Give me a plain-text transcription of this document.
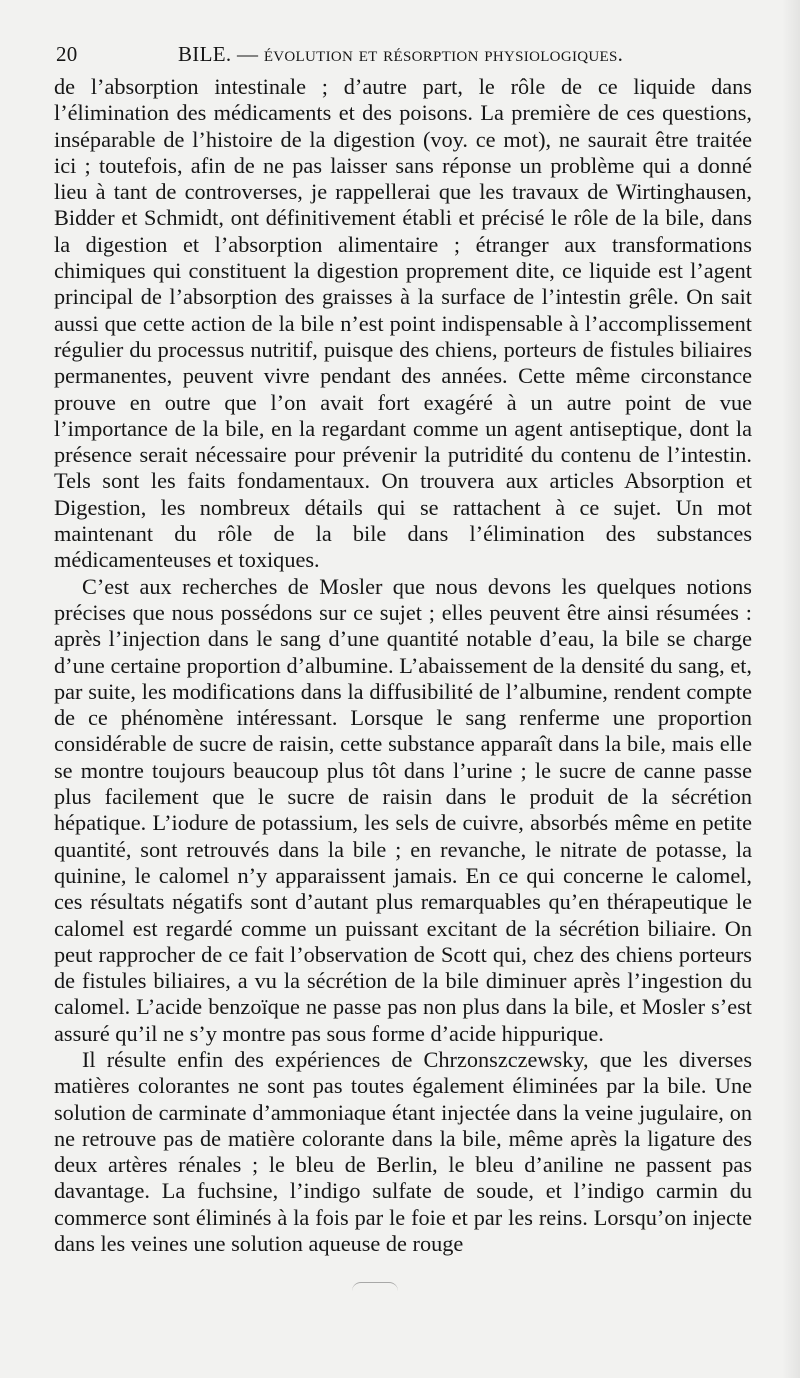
20	BILE. — évolution et résorption physiologiques.

de l’absorption intestinale ; d’autre part, le rôle de ce liquide dans l’élimination des médicaments et des poisons. La première de ces questions, inséparable de l’histoire de la digestion (voy. ce mot), ne saurait être traitée ici ; toutefois, afin de ne pas laisser sans réponse un problème qui a donné lieu à tant de controverses, je rappellerai que les travaux de Wirtinghausen, Bidder et Schmidt, ont définitivement établi et précisé le rôle de la bile, dans la digestion et l’absorption alimentaire ; étranger aux transformations chimiques qui constituent la digestion proprement dite, ce liquide est l’agent principal de l’absorption des graisses à la surface de l’intestin grêle. On sait aussi que cette action de la bile n’est point indispensable à l’accomplissement régulier du processus nutritif, puisque des chiens, porteurs de fistules biliaires permanentes, peuvent vivre pendant des années. Cette même circonstance prouve en outre que l’on avait fort exagéré à un autre point de vue l’importance de la bile, en la regardant comme un agent antiseptique, dont la présence serait nécessaire pour prévenir la putridité du contenu de l’intestin. Tels sont les faits fondamentaux. On trouvera aux articles Absorption et Digestion, les nombreux détails qui se rattachent à ce sujet. Un mot maintenant du rôle de la bile dans l’élimination des substances médicamenteuses et toxiques.

C’est aux recherches de Mosler que nous devons les quelques notions précises que nous possédons sur ce sujet ; elles peuvent être ainsi résumées : après l’injection dans le sang d’une quantité notable d’eau, la bile se charge d’une certaine proportion d’albumine. L’abaissement de la densité du sang, et, par suite, les modifications dans la diffusibilité de l’albumine, rendent compte de ce phénomène intéressant. Lorsque le sang renferme une proportion considérable de sucre de raisin, cette substance apparaît dans la bile, mais elle se montre toujours beaucoup plus tôt dans l’urine ; le sucre de canne passe plus facilement que le sucre de raisin dans le produit de la sécrétion hépatique. L’iodure de potassium, les sels de cuivre, absorbés même en petite quantité, sont retrouvés dans la bile ; en revanche, le nitrate de potasse, la quinine, le calomel n’y apparaissent jamais. En ce qui concerne le calomel, ces résultats négatifs sont d’autant plus remarquables qu’en thérapeutique le calomel est regardé comme un puissant excitant de la sécrétion biliaire. On peut rapprocher de ce fait l’observation de Scott qui, chez des chiens porteurs de fistules biliaires, a vu la sécrétion de la bile diminuer après l’ingestion du calomel. L’acide benzoïque ne passe pas non plus dans la bile, et Mosler s’est assuré qu’il ne s’y montre pas sous forme d’acide hippurique.

Il résulte enfin des expériences de Chrzonszczewsky, que les diverses matières colorantes ne sont pas toutes également éliminées par la bile. Une solution de carminate d’ammoniaque étant injectée dans la veine jugulaire, on ne retrouve pas de matière colorante dans la bile, même après la ligature des deux artères rénales ; le bleu de Berlin, le bleu d’aniline ne passent pas davantage. La fuchsine, l’indigo sulfate de soude, et l’indigo carmin du commerce sont éliminés à la fois par le foie et par les reins. Lorsqu’on injecte dans les veines une solution aqueuse de rouge
